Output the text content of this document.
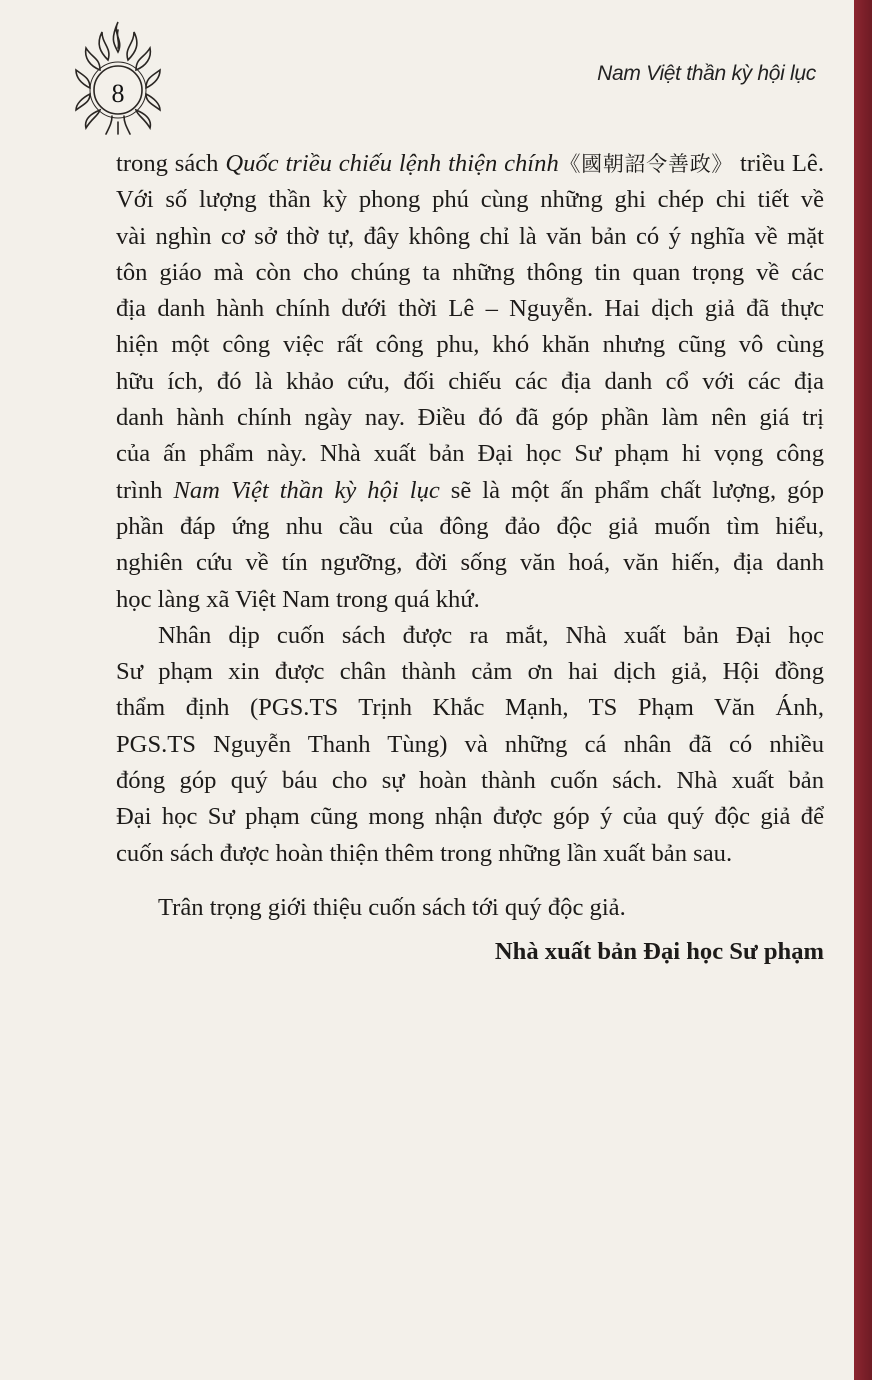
8
Nam Việt thần kỳ hội lục

trong sách Quốc triều chiếu lệnh thiện chính《國朝詔令善政》 triều Lê.
Với số lượng thần kỳ phong phú cùng những ghi chép chi tiết về
vài nghìn cơ sở thờ tự, đây không chỉ là văn bản có ý nghĩa về mặt
tôn giáo mà còn cho chúng ta những thông tin quan trọng về các
địa danh hành chính dưới thời Lê – Nguyễn. Hai dịch giả đã thực
hiện một công việc rất công phu, khó khăn nhưng cũng vô cùng
hữu ích, đó là khảo cứu, đối chiếu các địa danh cổ với các địa
danh hành chính ngày nay. Điều đó đã góp phần làm nên giá trị
của ấn phẩm này. Nhà xuất bản Đại học Sư phạm hi vọng công
trình Nam Việt thần kỳ hội lục sẽ là một ấn phẩm chất lượng, góp
phần đáp ứng nhu cầu của đông đảo độc giả muốn tìm hiểu,
nghiên cứu về tín ngưỡng, đời sống văn hoá, văn hiến, địa danh
học làng xã Việt Nam trong quá khứ.

Nhân dịp cuốn sách được ra mắt, Nhà xuất bản Đại học
Sư phạm xin được chân thành cảm ơn hai dịch giả, Hội đồng
thẩm định (PGS.TS Trịnh Khắc Mạnh, TS Phạm Văn Ánh,
PGS.TS Nguyễn Thanh Tùng) và những cá nhân đã có nhiều
đóng góp quý báu cho sự hoàn thành cuốn sách. Nhà xuất bản
Đại học Sư phạm cũng mong nhận được góp ý của quý độc giả để
cuốn sách được hoàn thiện thêm trong những lần xuất bản sau.

Trân trọng giới thiệu cuốn sách tới quý độc giả.

Nhà xuất bản Đại học Sư phạm
